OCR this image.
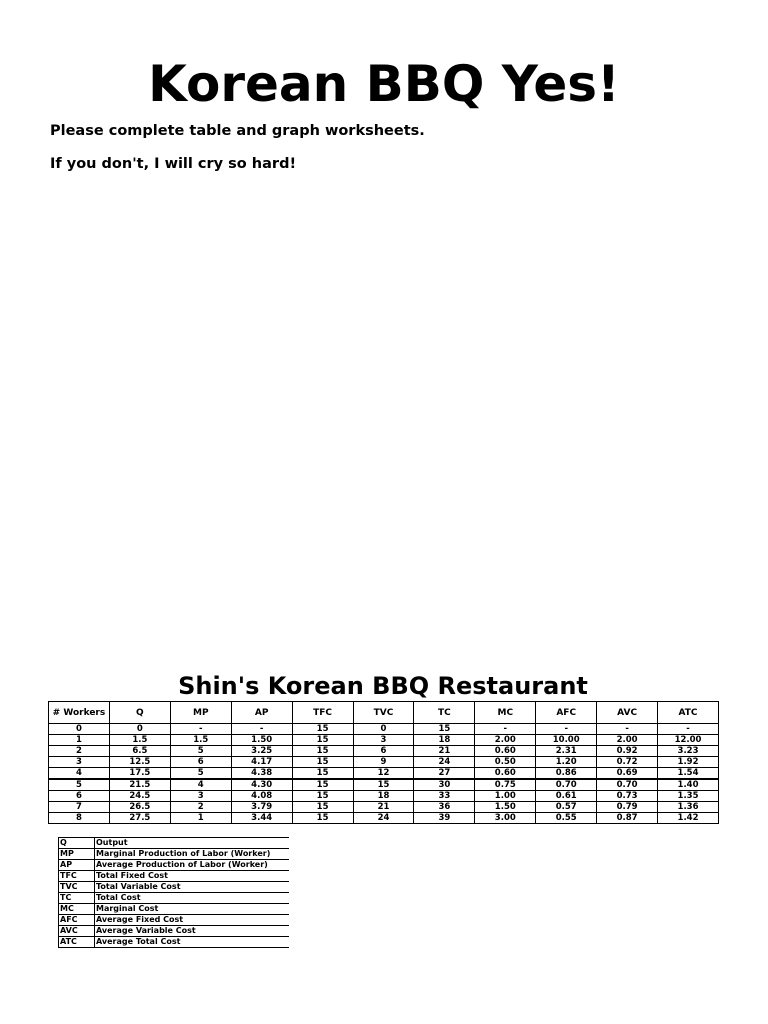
Korean BBQ Yes!

Please complete table and graph worksheets.

If you don't, I will cry so hard!

Shin's Korean BBQ Restaurant
# Workers	Q	MP	AP	TFC	TVC	TC	MC	AFC	AVC	ATC
0	0	-	-	15	0	15	-	-	-	-
1	1.5	1.5	1.50	15	3	18	2.00	10.00	2.00	12.00
2	6.5	5	3.25	15	6	21	0.60	2.31	0.92	3.23
3	12.5	6	4.17	15	9	24	0.50	1.20	0.72	1.92
4	17.5	5	4.38	15	12	27	0.60	0.86	0.69	1.54
5	21.5	4	4.30	15	15	30	0.75	0.70	0.70	1.40
6	24.5	3	4.08	15	18	33	1.00	0.61	0.73	1.35
7	26.5	2	3.79	15	21	36	1.50	0.57	0.79	1.36
8	27.5	1	3.44	15	24	39	3.00	0.55	0.87	1.42
Q	Output
MP	Marginal Production of Labor (Worker)
AP	Average Production of Labor (Worker)
TFC	Total Fixed Cost
TVC	Total Variable Cost
TC	Total Cost
MC	Marginal Cost
AFC	Average Fixed Cost
AVC	Average Variable Cost
ATC	Average Total Cost
